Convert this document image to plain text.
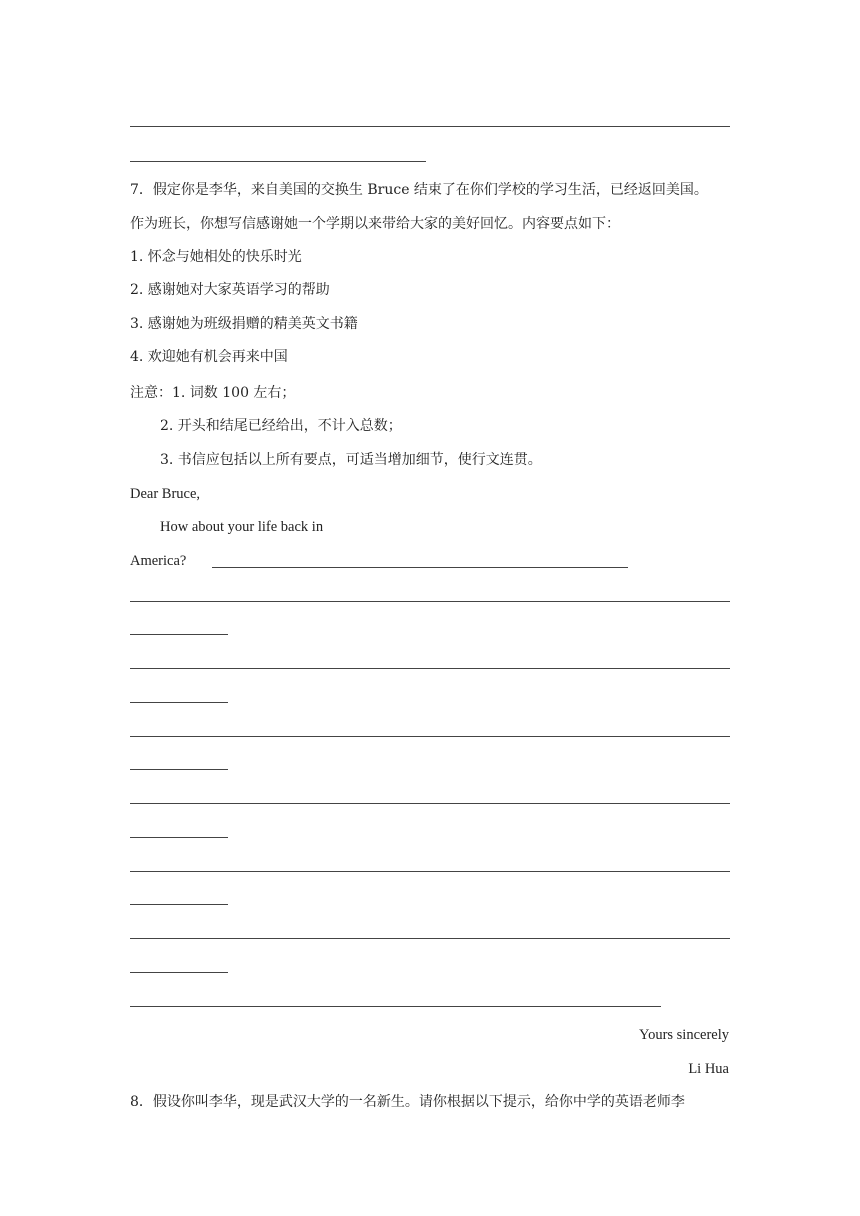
7．假定你是李华，来自美国的交换生 Bruce 结束了在你们学校的学习生活，已经返回美国。
作为班长，你想写信感谢她一个学期以来带给大家的美好回忆。内容要点如下：
1. 怀念与她相处的快乐时光
2. 感谢她对大家英语学习的帮助
3. 感谢她为班级捐赠的精美英文书籍
4. 欢迎她有机会再来中国
注意：1. 词数 100 左右；
2. 开头和结尾已经给出，不计入总数；
3. 书信应包括以上所有要点，可适当增加细节，使行文连贯。
Dear Bruce,
How about your life back in
America?
Yours sincerely
Li Hua
8．假设你叫李华，现是武汉大学的一名新生。请你根据以下提示，给你中学的英语老师李
